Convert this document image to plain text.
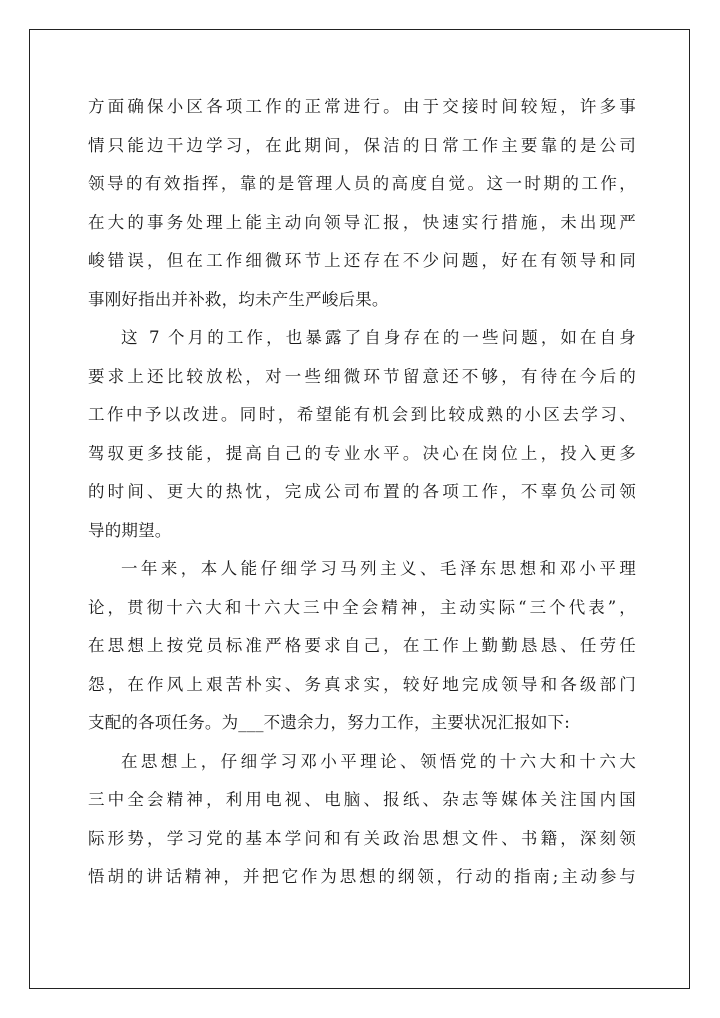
方面确保小区各项工作的正常进行。由于交接时间较短，许多事
情只能边干边学习，在此期间，保洁的日常工作主要靠的是公司
领导的有效指挥，靠的是管理人员的高度自觉。这一时期的工作，
在大的事务处理上能主动向领导汇报，快速实行措施，未出现严
峻错误，但在工作细微环节上还存在不少问题，好在有领导和同
事刚好指出并补救，均未产生严峻后果。
这 7 个月的工作，也暴露了自身存在的一些问题，如在自身
要求上还比较放松，对一些细微环节留意还不够，有待在今后的
工作中予以改进。同时，希望能有机会到比较成熟的小区去学习、
驾驭更多技能，提高自己的专业水平。决心在岗位上，投入更多
的时间、更大的热忱，完成公司布置的各项工作，不辜负公司领
导的期望。
一年来，本人能仔细学习马列主义、毛泽东思想和邓小平理
论，贯彻十六大和十六大三中全会精神，主动实际“三个代表”，
在思想上按党员标准严格要求自己，在工作上勤勤恳恳、任劳任
怨，在作风上艰苦朴实、务真求实，较好地完成领导和各级部门
支配的各项任务。为___不遗余力，努力工作，主要状况汇报如下:
在思想上，仔细学习邓小平理论、领悟党的十六大和十六大
三中全会精神，利用电视、电脑、报纸、杂志等媒体关注国内国
际形势，学习党的基本学问和有关政治思想文件、书籍，深刻领
悟胡的讲话精神，并把它作为思想的纲领，行动的指南;主动参与
